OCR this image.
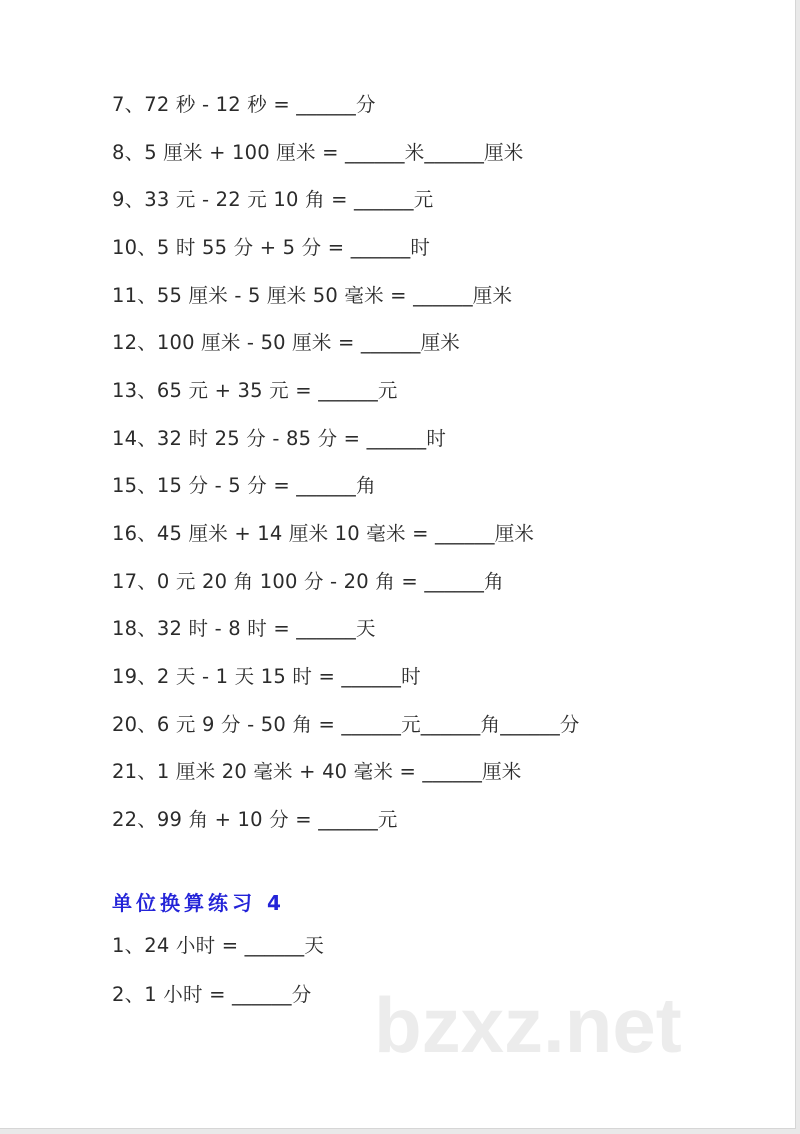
bzxz.net
7、72 秒 - 12 秒 = ______分
8、5 厘米 + 100 厘米 = ______米______厘米
9、33 元 - 22 元 10 角 = ______元
10、5 时 55 分 + 5 分 = ______时
11、55 厘米 - 5 厘米 50 毫米 = ______厘米
12、100 厘米 - 50 厘米 = ______厘米
13、65 元 + 35 元 = ______元
14、32 时 25 分 - 85 分 = ______时
15、15 分 - 5 分 = ______角
16、45 厘米 + 14 厘米 10 毫米 = ______厘米
17、0 元 20 角 100 分 - 20 角 = ______角
18、32 时 - 8 时 = ______天
19、2 天 - 1 天 15 时 = ______时
20、6 元 9 分 - 50 角 = ______元______角______分
21、1 厘米 20 毫米 + 40 毫米 = ______厘米
22、99 角 + 10 分 = ______元
单位换算练习 4
1、24 小时 = ______天
2、1 小时 = ______分
